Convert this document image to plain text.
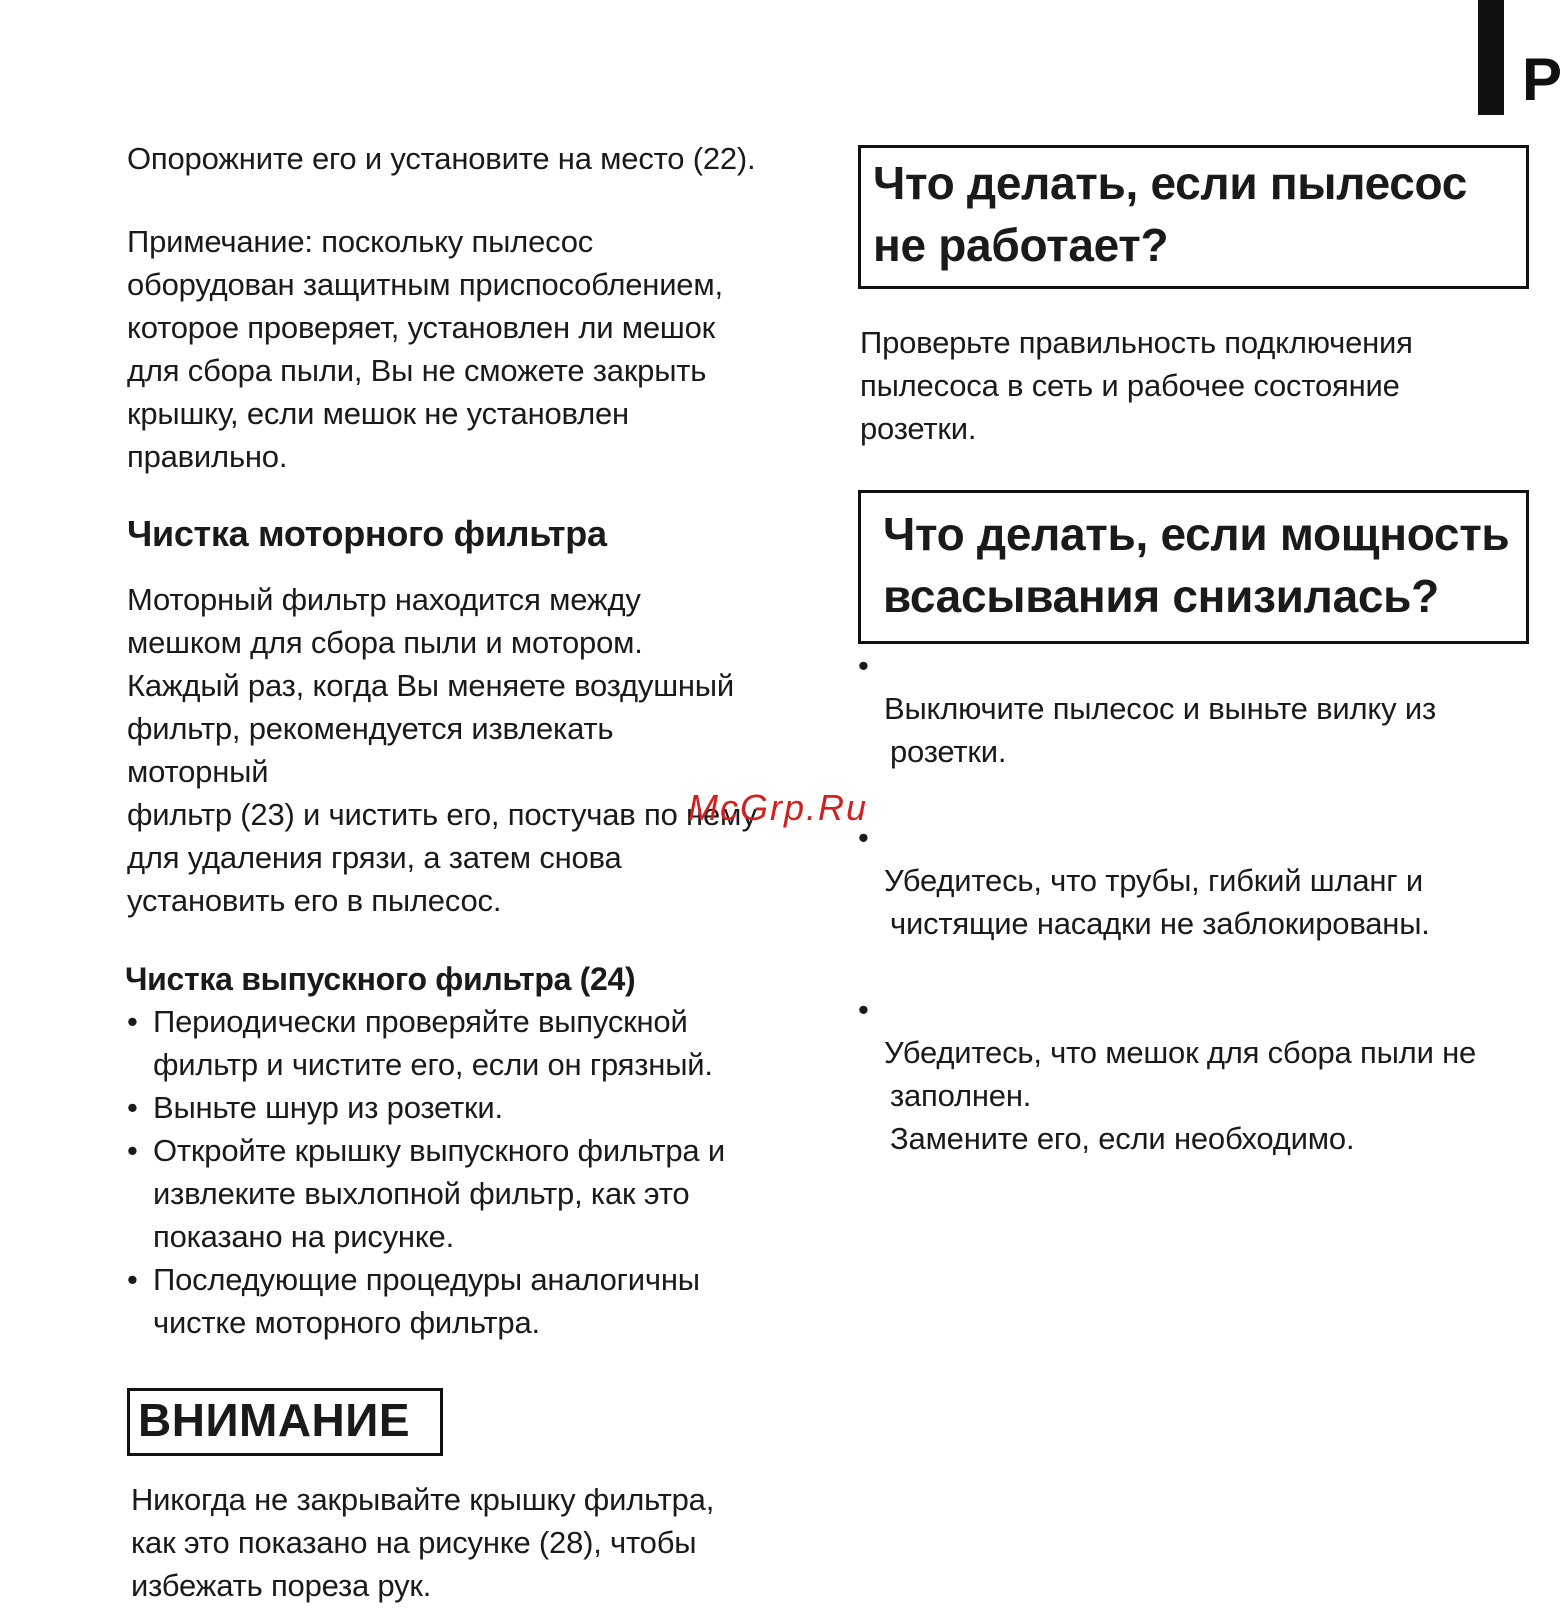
Р

Опорожните его и установите на место (22).

Примечание: поскольку пылесос
оборудован защитным приспособлением,
которое проверяет, установлен ли мешок
для сбора пыли, Вы не сможете закрыть
крышку, если мешок не установлен
правильно.

Чистка моторного фильтра

Моторный фильтр находится между
мешком для сбора пыли и мотором.
Каждый раз, когда Вы меняете воздушный
фильтр, рекомендуется извлекать
моторный
фильтр (23) и чистить его, постучав по нему
для удаления грязи, а затем снова
установить его в пылесос.

Чистка выпускного фильтра (24)
• Периодически проверяйте выпускной
фильтр и чистите его, если он грязный.
• Выньте шнур из розетки.
• Откройте крышку выпускного фильтра и
извлеките выхлопной фильтр, как это
показано на рисунке.
• Последующие процедуры аналогичны
чистке моторного фильтра.
ВНИМАНИЕ

Никогда не закрывайте крышку фильтра,
как это показано на рисунке (28), чтобы
избежать пореза рук.

Что делать, если пылесос
не работает?

Проверьте правильность подключения
пылесоса в сеть и рабочее состояние
розетки.

Что делать, если мощность
всасывания снизилась?

• Выключите пылесос и выньте вилку из

розетки.

• Убедитесь, что трубы, гибкий шланг и

чистящие насадки не заблокированы.

• Убедитесь, что мешок для сбора пыли не

заполнен.
Замените его, если необходимо.

McGrp.Ru
